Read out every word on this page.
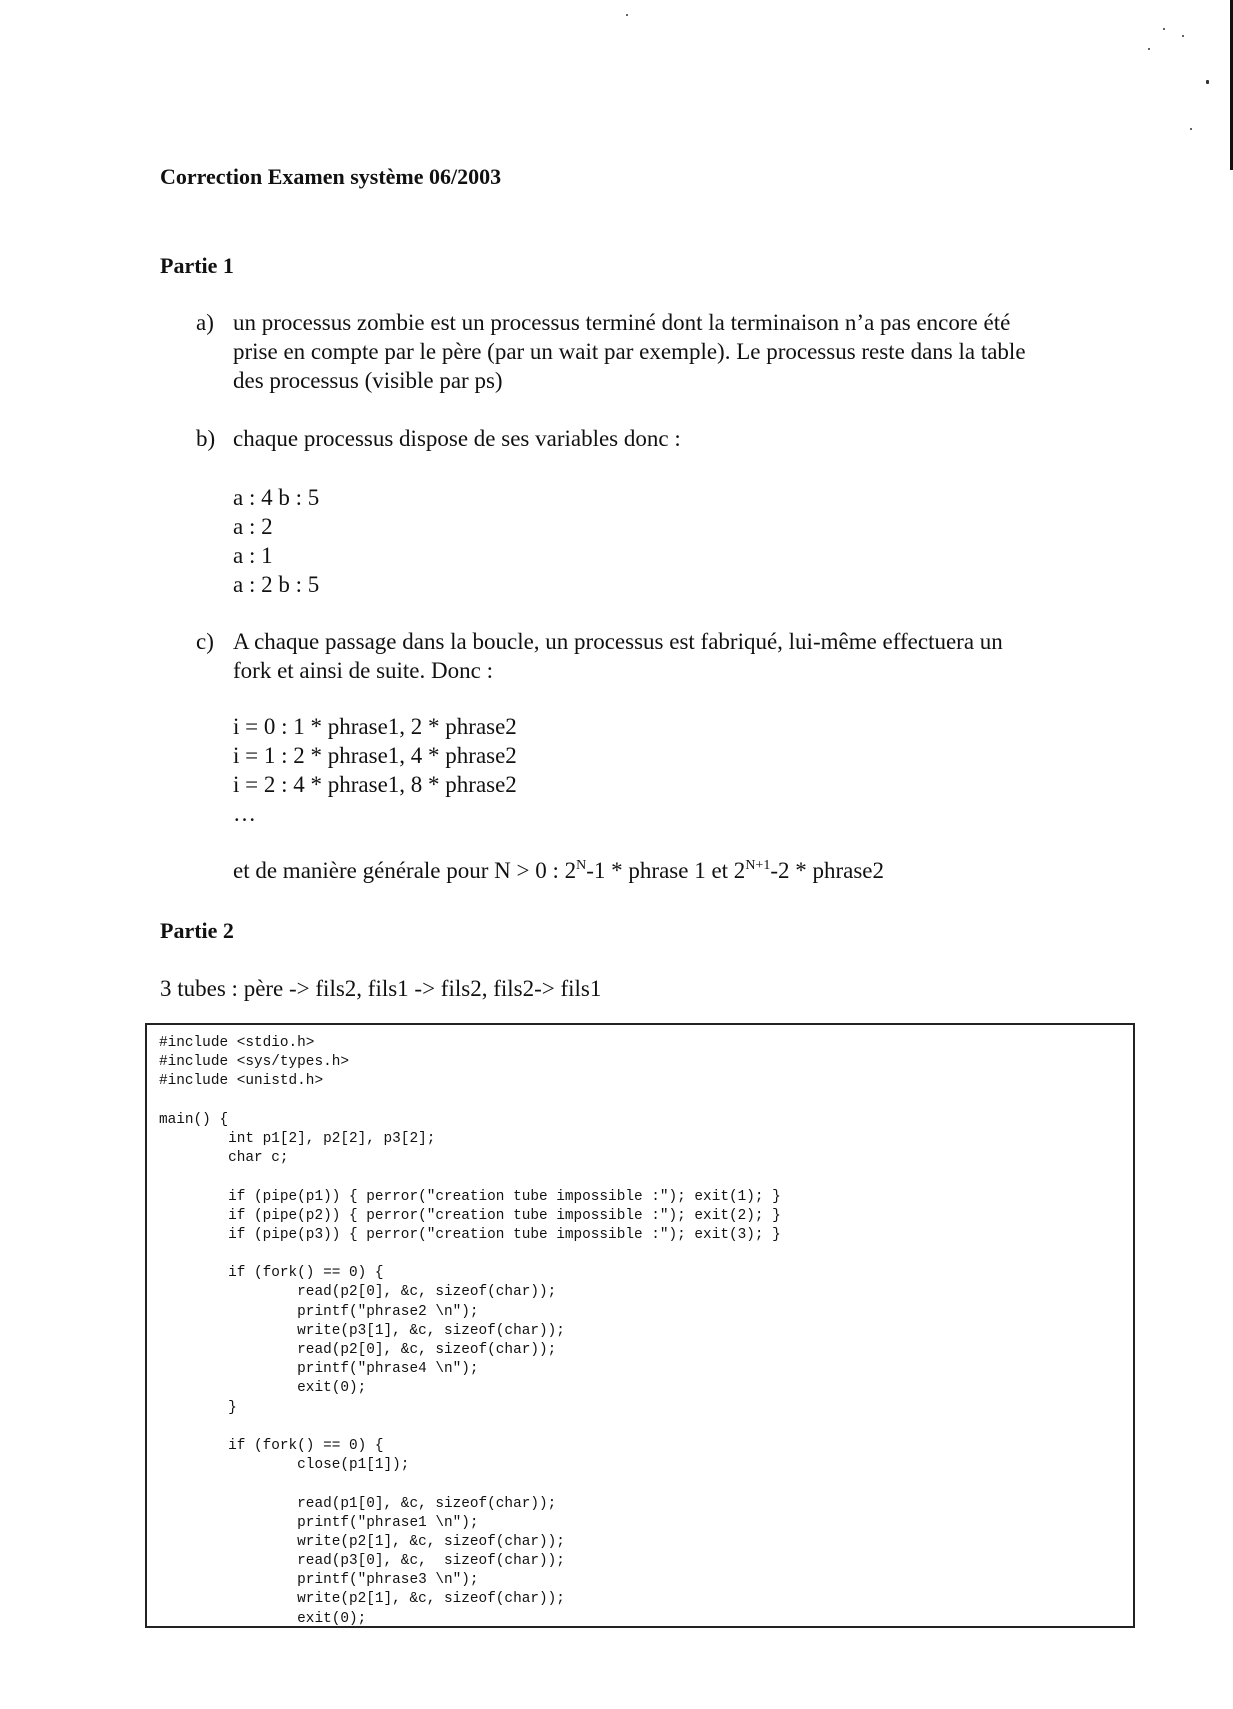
Correction Examen système 06/2003
Partie 1
a) un processus zombie est un processus terminé dont la terminaison n’a pas encore été
prise en compte par le père (par un wait par exemple). Le processus reste dans la table
des processus (visible par ps)
b) chaque processus dispose de ses variables donc :
a : 4 b : 5
a : 2
a : 1
a : 2 b : 5
c) A chaque passage dans la boucle, un processus est fabriqué, lui-même effectuera un
fork et ainsi de suite. Donc :
i = 0 : 1 * phrase1, 2 * phrase2
i = 1 : 2 * phrase1, 4 * phrase2
i = 2 : 4 * phrase1, 8 * phrase2
…
et de manière générale pour N > 0 : $2^N-1$ * phrase 1 et $2^{N+1}-2$ * phrase2
Partie 2
3 tubes : père -> fils2, fils1 -> fils2, fils2-> fils1
#include <stdio.h>
#include <sys/types.h>
#include <unistd.h>
main() {
int p1[2], p2[2], p3[2];
char c;
if (pipe(p1)) { perror("creation tube impossible :"); exit(1); }
if (pipe(p2)) { perror("creation tube impossible :"); exit(2); }
if (pipe(p3)) { perror("creation tube impossible :"); exit(3); }
if (fork() == 0) {
read(p2[0], &c, sizeof(char));
printf("phrase2 \n");
write(p3[1], &c, sizeof(char));
read(p2[0], &c, sizeof(char));
printf("phrase4 \n");
exit(0);
}
if (fork() == 0) {
close(p1[1]);
read(p1[0], &c, sizeof(char));
printf("phrase1 \n");
write(p2[1], &c, sizeof(char));
read(p3[0], &c,  sizeof(char));
printf("phrase3 \n");
write(p2[1], &c, sizeof(char));
exit(0);
